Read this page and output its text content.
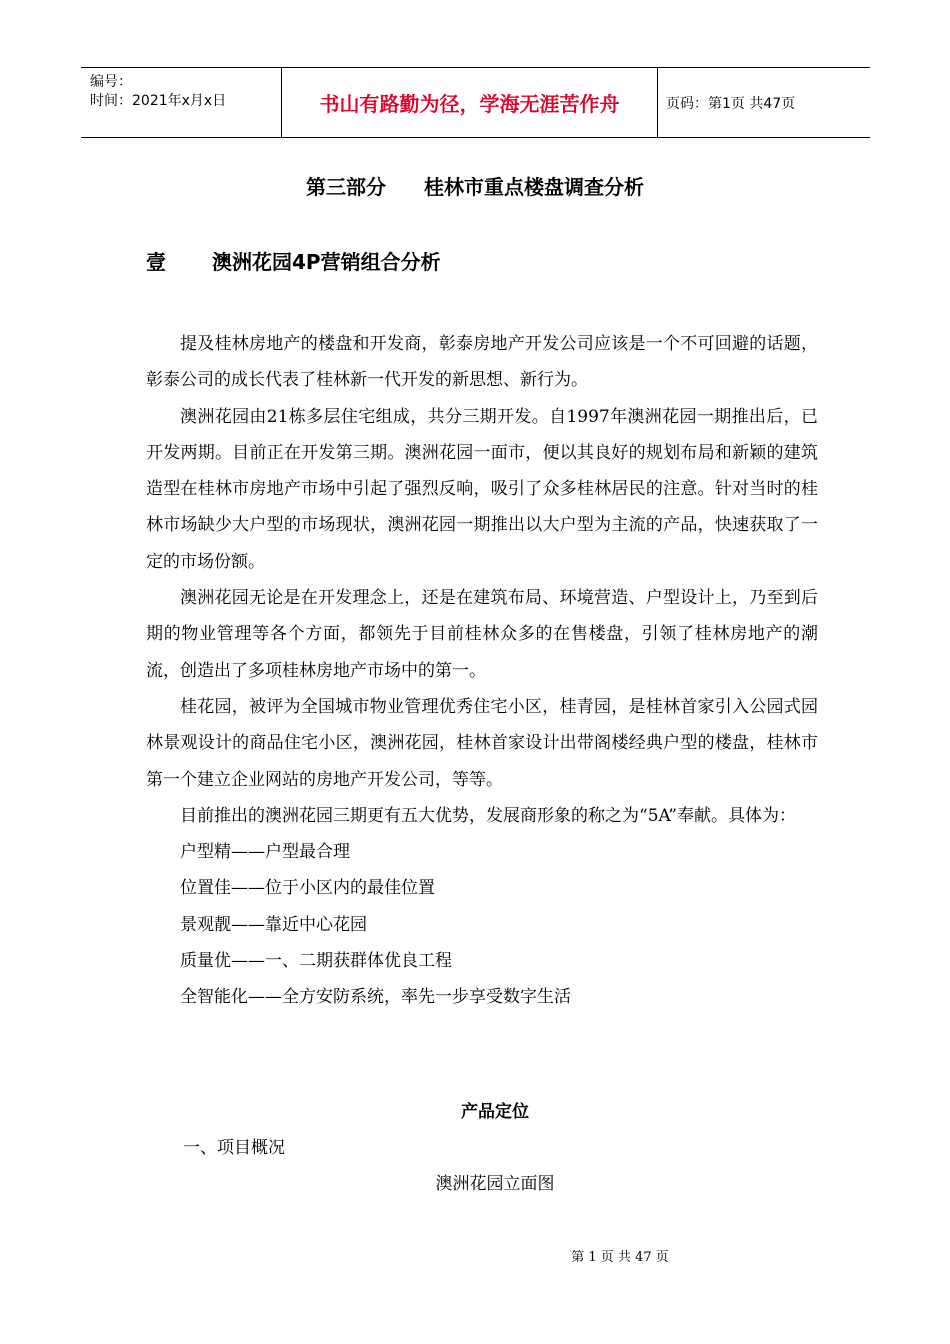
编号：
时间：2021年x月x日	书山有路勤为径，学海无涯苦作舟	页码：第1页 共47页
第三部分 桂林市重点楼盘调查分析
壹 澳洲花园4P营销组合分析

提及桂林房地产的楼盘和开发商，彰泰房地产开发公司应该是一个不可回避的话题，彰泰公司的成长代表了桂林新一代开发的新思想、新行为。

澳洲花园由21栋多层住宅组成，共分三期开发。自1997年澳洲花园一期推出后，已开发两期。目前正在开发第三期。澳洲花园一面市，便以其良好的规划布局和新颖的建筑造型在桂林市房地产市场中引起了强烈反响，吸引了众多桂林居民的注意。针对当时的桂林市场缺少大户型的市场现状，澳洲花园一期推出以大户型为主流的产品，快速获取了一定的市场份额。

澳洲花园无论是在开发理念上，还是在建筑布局、环境营造、户型设计上，乃至到后期的物业管理等各个方面，都领先于目前桂林众多的在售楼盘，引领了桂林房地产的潮流，创造出了多项桂林房地产市场中的第一。

桂花园，被评为全国城市物业管理优秀住宅小区，桂青园，是桂林首家引入公园式园林景观设计的商品住宅小区，澳洲花园，桂林首家设计出带阁楼经典户型的楼盘，桂林市第一个建立企业网站的房地产开发公司，等等。

目前推出的澳洲花园三期更有五大优势，发展商形象的称之为“5A”奉献。具体为：

户型精——户型最合理
位置佳——位于小区内的最佳位置
景观靓——靠近中心花园
质量优——一、二期获群体优良工程
全智能化——全方安防系统，率先一步享受数字生活
产品定位
一、项目概况
澳洲花园立面图
第 1 页 共 47 页
